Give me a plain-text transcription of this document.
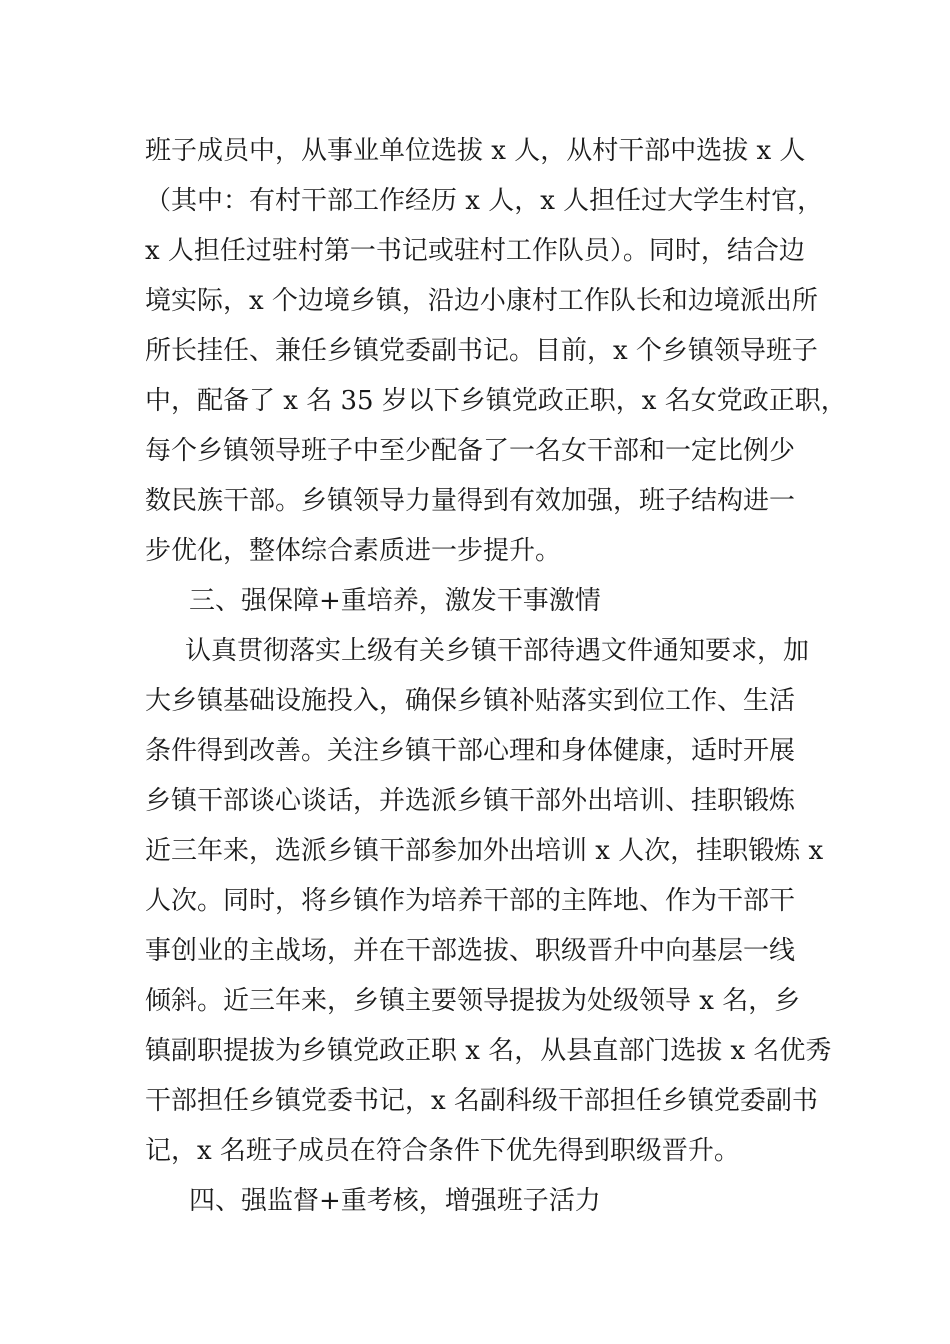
班子成员中，从事业单位选拔 x 人，从村干部中选拔 x 人
（其中：有村干部工作经历 x 人，x 人担任过大学生村官，
x 人担任过驻村第一书记或驻村工作队员）。同时，结合边
境实际，x 个边境乡镇，沿边小康村工作队长和边境派出所
所长挂任、兼任乡镇党委副书记。目前，x 个乡镇领导班子
中，配备了 x 名 35 岁以下乡镇党政正职，x 名女党政正职，
每个乡镇领导班子中至少配备了一名女干部和一定比例少
数民族干部。乡镇领导力量得到有效加强，班子结构进一
步优化，整体综合素质进一步提升。
三、强保障+重培养，激发干事激情
认真贯彻落实上级有关乡镇干部待遇文件通知要求，加
大乡镇基础设施投入，确保乡镇补贴落实到位工作、生活
条件得到改善。关注乡镇干部心理和身体健康，适时开展
乡镇干部谈心谈话，并选派乡镇干部外出培训、挂职锻炼
近三年来，选派乡镇干部参加外出培训 x 人次，挂职锻炼 x
人次。同时，将乡镇作为培养干部的主阵地、作为干部干
事创业的主战场，并在干部选拔、职级晋升中向基层一线
倾斜。近三年来，乡镇主要领导提拔为处级领导 x 名，乡
镇副职提拔为乡镇党政正职 x 名，从县直部门选拔 x 名优秀
干部担任乡镇党委书记，x 名副科级干部担任乡镇党委副书
记，x 名班子成员在符合条件下优先得到职级晋升。
四、强监督+重考核，增强班子活力
